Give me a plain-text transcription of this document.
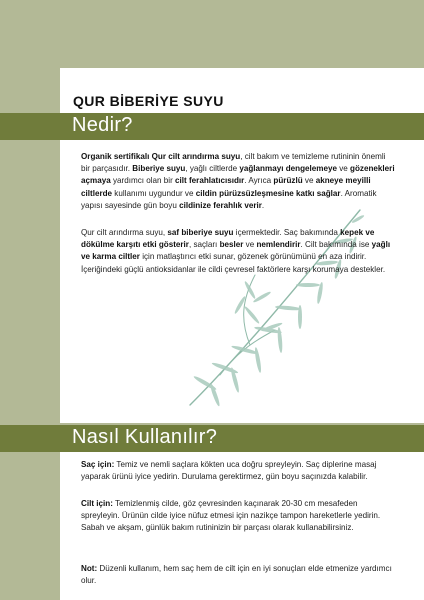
QUR BİBERİYE SUYU
Nedir?

Organik sertifikalı Qur cilt arındırma suyu, cilt bakım ve temizleme rutininin önemli bir parçasıdır. Biberiye suyu, yağlı ciltlerde yağlanmayı dengelemeye ve gözenekleri açmaya yardımcı olan bir cilt ferahlatıcısıdır. Ayrıca pürüzlü ve akneye meyilli ciltlerde kullanımı uygundur ve cildin pürüzsüzleşmesine katkı sağlar. Aromatik yapısı sayesinde gün boyu cildinize ferahlık verir.

Qur cilt arındırma suyu, saf biberiye suyu içermektedir. Saç bakımında kepek ve dökülme karşıtı etki gösterir, saçları besler ve nemlendirir. Cilt bakımında ise yağlı ve karma ciltler için matlaştırıcı etki sunar, gözenek görünümünü en aza indirir. İçeriğindeki güçlü antioksidanlar ile cildi çevresel faktörlere karşı korumaya destekler.

Nasıl Kullanılır?

Saç için: Temiz ve nemli saçlara kökten uca doğru spreyleyin. Saç diplerine masaj yaparak ürünü iyice yedirin. Durulama gerektirmez, gün boyu saçınızda kalabilir.

Cilt için: Temizlenmiş cilde, göz çevresinden kaçınarak 20-30 cm mesafeden spreyleyin. Ürünün cilde iyice nüfuz etmesi için nazikçe tampon hareketlerle yedirin. Sabah ve akşam, günlük bakım rutininizin bir parçası olarak kullanabilirsiniz.

Not: Düzenli kullanım, hem saç hem de cilt için en iyi sonuçları elde etmenize yardımcı olur.
